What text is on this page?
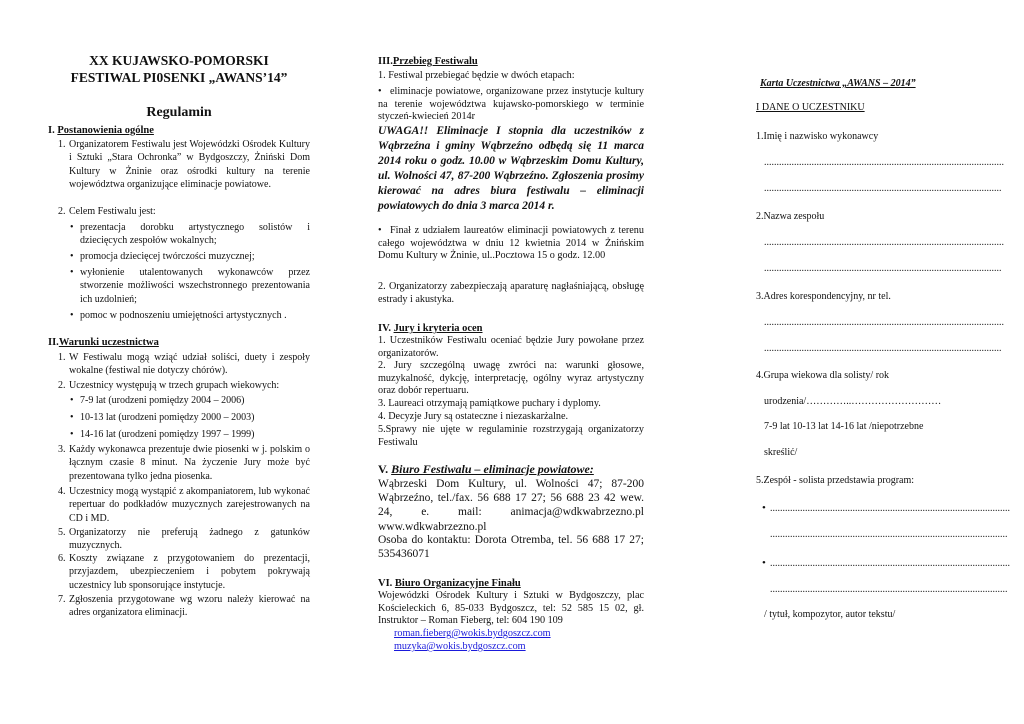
XX KUJAWSKO-POMORSKI
FESTIWAL PI0SENKI „AWANS’14”
Regulamin
I. Postanowienia ogólne
1. Organizatorem Festiwalu jest Wojewódzki Ośrodek Kultury i Sztuki „Stara Ochronka” w Bydgoszczy, Żniński Dom Kultury w Żninie oraz ośrodki kultury na terenie województwa organizujące eliminacje powiatowe.
2. Celem Festiwalu jest:
• prezentacja dorobku artystycznego solistów i dziecięcych zespołów wokalnych;
• promocja dziecięcej twórczości muzycznej;
• wyłonienie utalentowanych wykonawców przez stworzenie możliwości wszechstronnego prezentowania ich uzdolnień;
• pomoc w podnoszeniu umiejętności artystycznych .
II.Warunki uczestnictwa
1. W Festiwalu mogą wziąć udział soliści, duety i zespoły wokalne (festiwal nie dotyczy chórów).
2. Uczestnicy występują w trzech grupach wiekowych:
• 7-9 lat (urodzeni pomiędzy 2004 – 2006)
• 10-13 lat (urodzeni pomiędzy 2000 – 2003)
• 14-16 lat (urodzeni pomiędzy 1997 – 1999)
3. Każdy wykonawca prezentuje dwie piosenki w j. polskim o łącznym czasie 8 minut. Na życzenie Jury może być prezentowana tylko jedna piosenka.
4. Uczestnicy mogą wystąpić z akompaniatorem, lub wykonać repertuar do podkładów muzycznych zarejestrowanych na CD i MD.
5. Organizatorzy nie preferują żadnego z gatunków muzycznych.
6. Koszty związane z przygotowaniem do prezentacji, przyjazdem, ubezpieczeniem i pobytem pokrywają uczestnicy lub sponsorujące instytucje.
7. Zgłoszenia przygotowane wg wzoru należy kierować na adres organizatora eliminacji.
III.Przebieg Festiwalu
1. Festiwal przebiegać będzie w dwóch etapach:
• eliminacje powiatowe, organizowane przez instytucje kultury na terenie województwa kujawsko-pomorskiego w terminie styczeń-kwiecień 2014r
UWAGA!! Eliminacje I stopnia dla uczestników z Wąbrzeźna i gminy Wąbrzeźno odbędą się 11 marca 2014 roku o godz. 10.00 w Wąbrzeskim Domu Kultury, ul. Wolności 47, 87-200 Wąbrzeźno. Zgłoszenia prosimy kierować na adres biura festiwalu – eliminacji powiatowych do dnia 3 marca 2014 r.
• Finał z udziałem laureatów eliminacji powiatowych z terenu całego województwa w dniu 12 kwietnia 2014 w Żnińskim Domu Kultury w Żninie, ul..Pocztowa 15 o godz. 12.00
2. Organizatorzy zabezpieczają aparaturę nagłaśniającą, obsługę estrady i akustyka.
IV. Jury i kryteria ocen
1. Uczestników Festiwalu oceniać będzie Jury powołane przez organizatorów.
2. Jury szczególną uwagę zwróci na: warunki głosowe, muzykalność, dykcję, interpretację, ogólny wyraz artystyczny oraz dobór repertuaru.
3. Laureaci otrzymają pamiątkowe puchary i dyplomy.
4. Decyzje Jury są ostateczne i niezaskarżalne.
5.Sprawy nie ujęte w regulaminie rozstrzygają organizatorzy Festiwalu
V. Biuro Festiwalu – eliminacje powiatowe:
Wąbrzeski Dom Kultury, ul. Wolności 47; 87-200 Wąbrzeźno, tel./fax. 56 688 17 27; 56 688 23 42 wew. 24, e. mail: animacja@wdkwabrzezno.pl www.wdkwabrzezno.pl
Osoba do kontaktu: Dorota Otremba, tel. 56 688 17 27; 535436071
VI. Biuro Organizacyjne Finału
Wojewódzki Ośrodek Kultury i Sztuki w Bydgoszczy, plac Kościeleckich 6, 85-033 Bydgoszcz, tel: 52 585 15 02, gł. Instruktor – Roman Fieberg, tel: 604 190 109
roman.fieberg@wokis.bydgoszcz.com
muzyka@wokis.bydgoszcz.com
Karta Uczestnictwa „AWANS – 2014”
I DANE O UCZESTNIKU
1.Imię i nazwisko wykonawcy
................................................................................................
...............................................................................................
2.Nazwa zespołu
................................................................................................
...............................................................................................
3.Adres korespondencyjny, nr tel.
................................................................................................
...............................................................................................
4.Grupa wiekowa dla solisty/ rok
urodzenia/…………..………………………
7-9 lat 10-13 lat 14-16 lat /niepotrzebne
skreślić/
5.Zespół - solista przedstawia program:
• ................................................................................................
...............................................................................................
• ................................................................................................
...............................................................................................
/ tytuł, kompozytor, autor tekstu/
